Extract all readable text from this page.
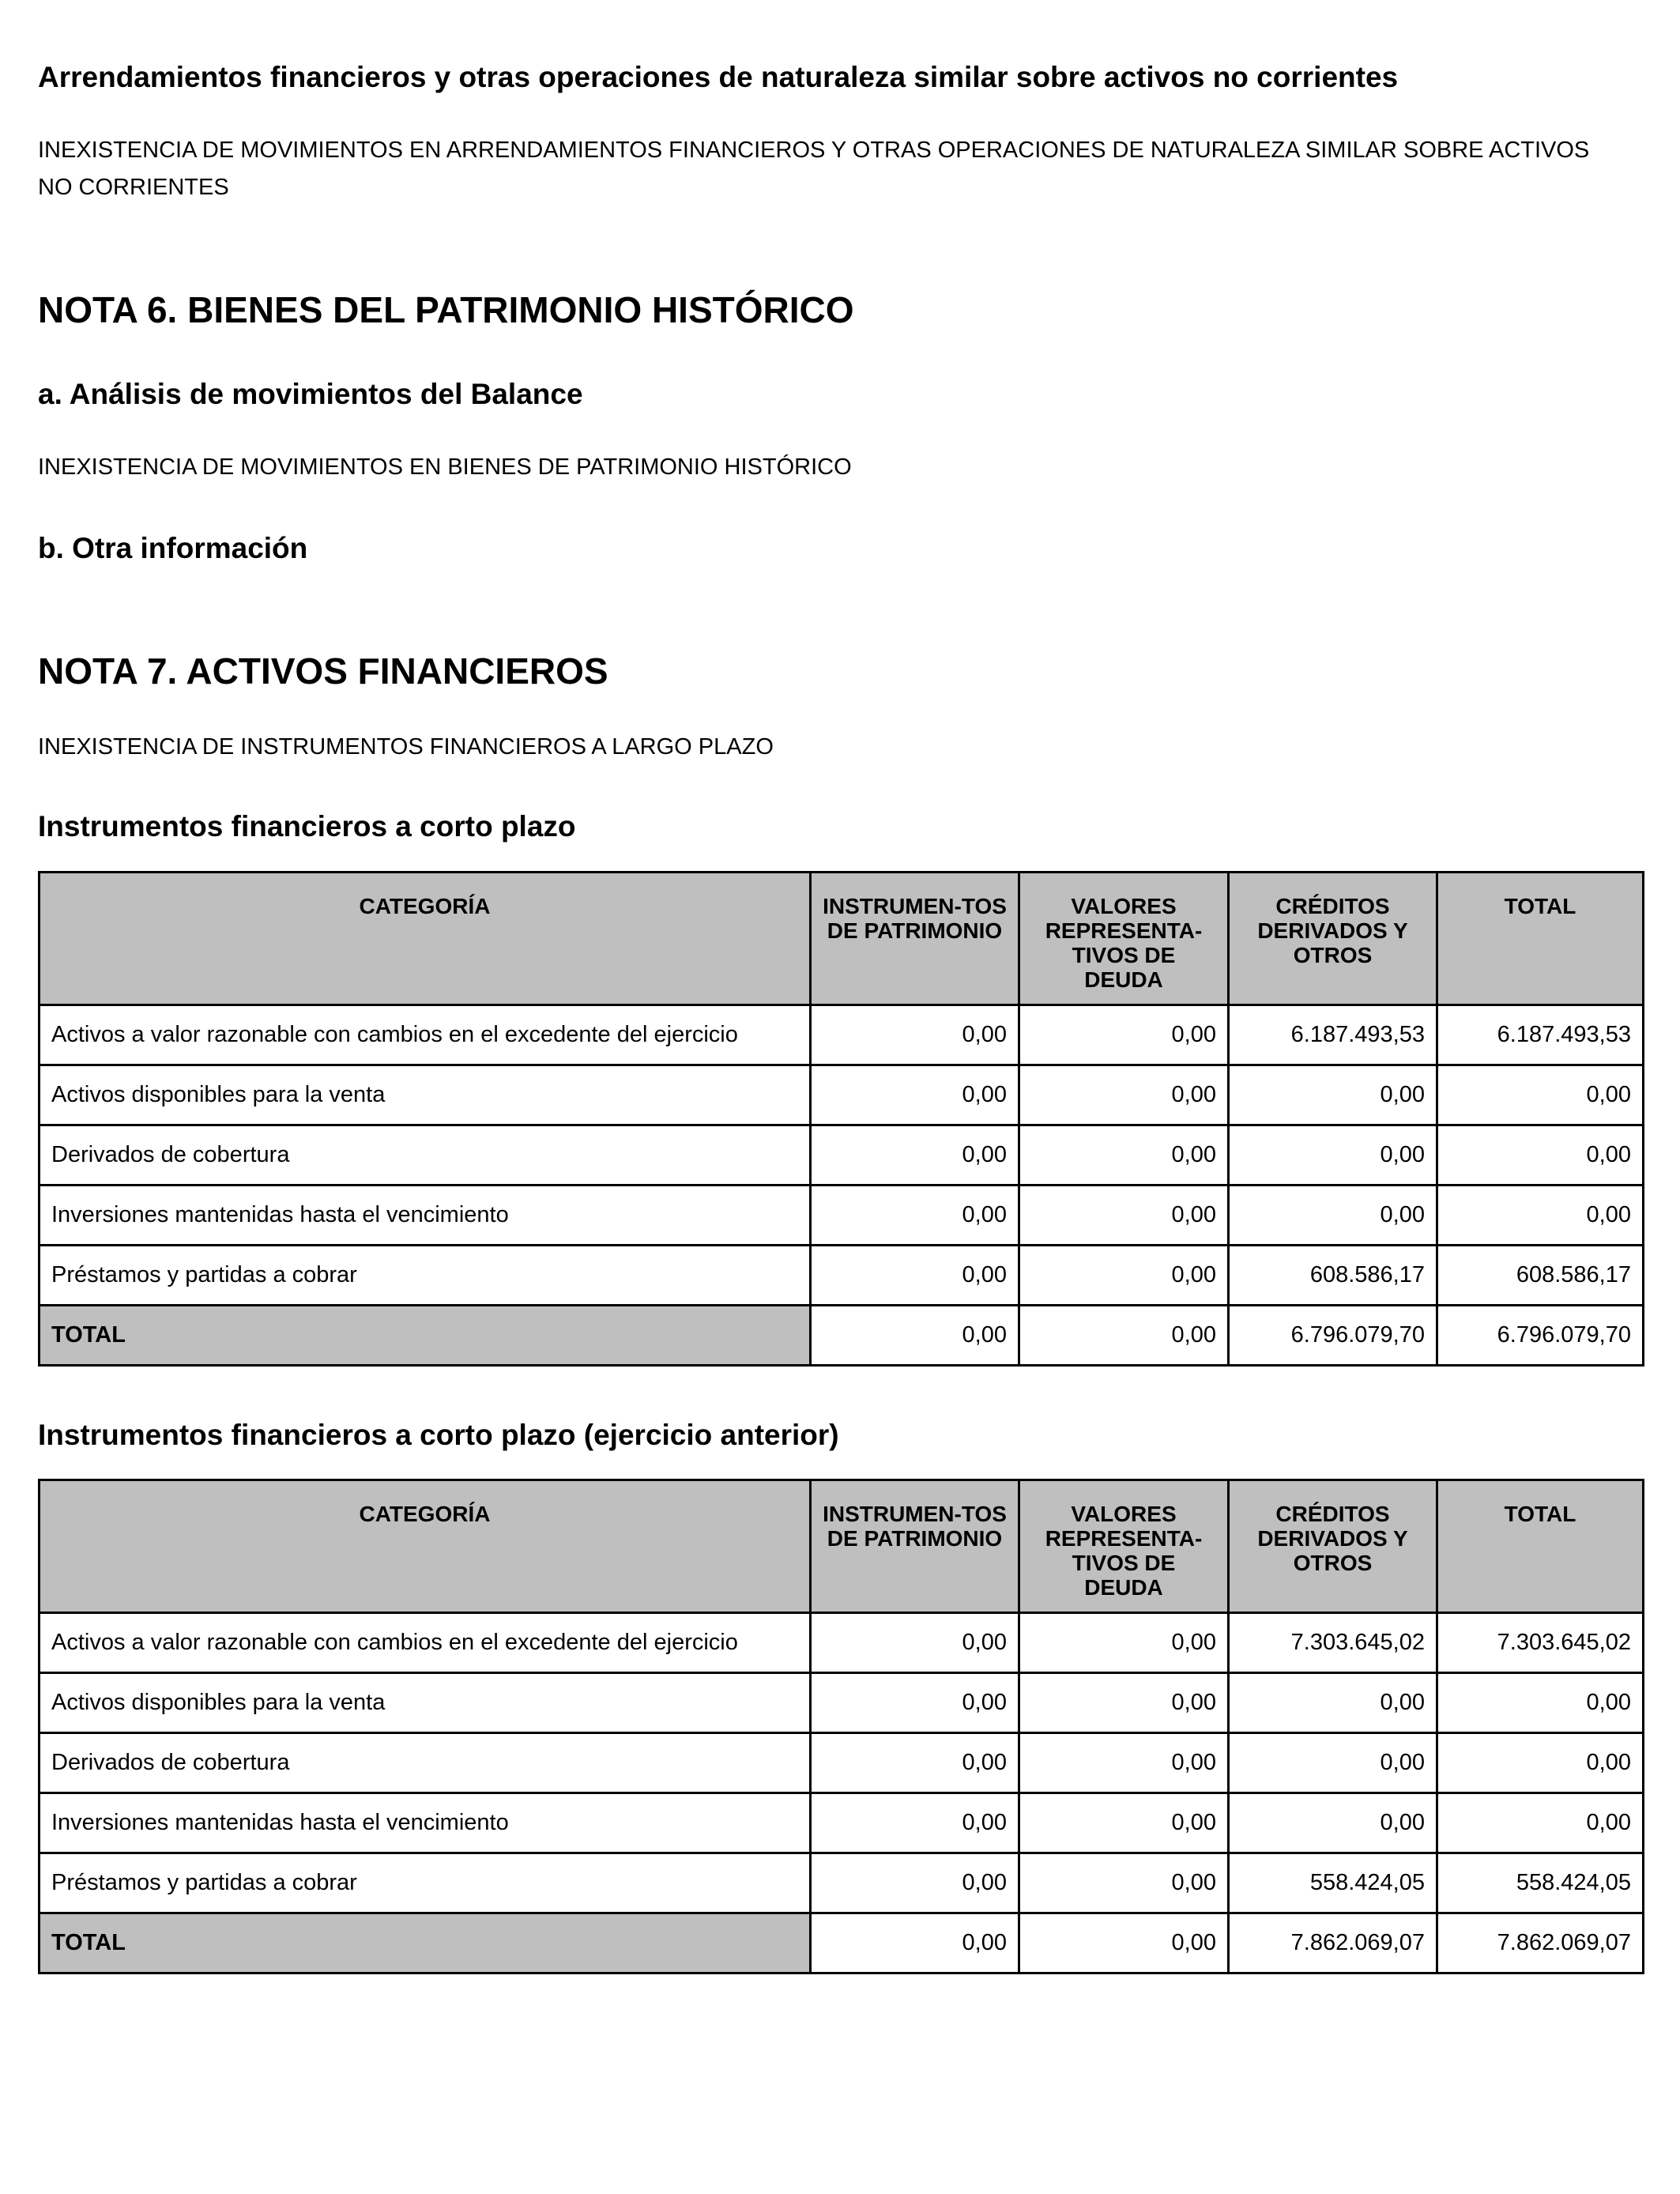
Arrendamientos financieros y otras operaciones de naturaleza similar sobre activos no corrientes

INEXISTENCIA DE MOVIMIENTOS EN ARRENDAMIENTOS FINANCIEROS Y OTRAS OPERACIONES DE NATURALEZA SIMILAR SOBRE ACTIVOS NO CORRIENTES

NOTA 6. BIENES DEL PATRIMONIO HISTÓRICO
a. Análisis de movimientos del Balance

INEXISTENCIA DE MOVIMIENTOS EN BIENES DE PATRIMONIO HISTÓRICO

b. Otra información
NOTA 7. ACTIVOS FINANCIEROS

INEXISTENCIA DE INSTRUMENTOS FINANCIEROS A LARGO PLAZO

Instrumentos financieros a corto plazo
CATEGORÍA	INSTRUMEN-TOS DE PATRIMONIO	VALORES REPRESENTA-TIVOS DE DEUDA	CRÉDITOS DERIVADOS Y OTROS	TOTAL
Activos a valor razonable con cambios en el excedente del ejercicio	0,00	0,00	6.187.493,53	6.187.493,53
Activos disponibles para la venta	0,00	0,00	0,00	0,00
Derivados de cobertura	0,00	0,00	0,00	0,00
Inversiones mantenidas hasta el vencimiento	0,00	0,00	0,00	0,00
Préstamos y partidas a cobrar	0,00	0,00	608.586,17	608.586,17
TOTAL	0,00	0,00	6.796.079,70	6.796.079,70
Instrumentos financieros a corto plazo (ejercicio anterior)
CATEGORÍA	INSTRUMEN-TOS DE PATRIMONIO	VALORES REPRESENTA-TIVOS DE DEUDA	CRÉDITOS DERIVADOS Y OTROS	TOTAL
Activos a valor razonable con cambios en el excedente del ejercicio	0,00	0,00	7.303.645,02	7.303.645,02
Activos disponibles para la venta	0,00	0,00	0,00	0,00
Derivados de cobertura	0,00	0,00	0,00	0,00
Inversiones mantenidas hasta el vencimiento	0,00	0,00	0,00	0,00
Préstamos y partidas a cobrar	0,00	0,00	558.424,05	558.424,05
TOTAL	0,00	0,00	7.862.069,07	7.862.069,07
